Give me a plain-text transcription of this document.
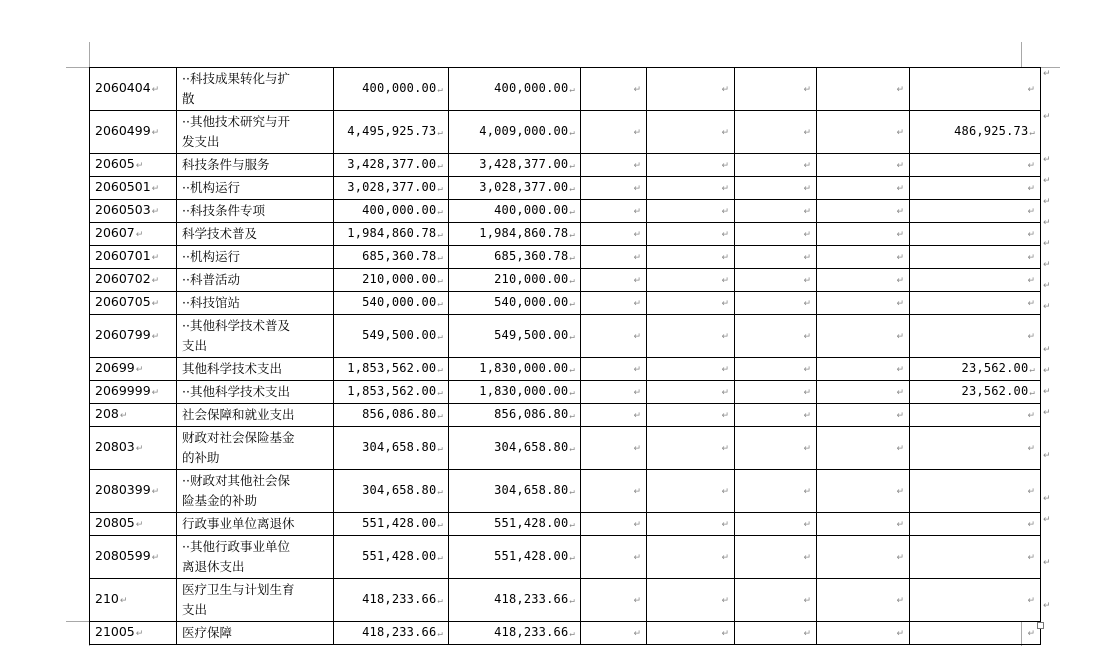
2060404↵	··科技成果转化与扩
散	400,000.00↵	400,000.00↵	↵	↵	↵	↵	↵
2060499↵	··其他技术研究与开
发支出	4,495,925.73↵	4,009,000.00↵	↵	↵	↵	↵	486,925.73↵
20605↵	科技条件与服务	3,428,377.00↵	3,428,377.00↵	↵	↵	↵	↵	↵
2060501↵	··机构运行	3,028,377.00↵	3,028,377.00↵	↵	↵	↵	↵	↵
2060503↵	··科技条件专项	400,000.00↵	400,000.00↵	↵	↵	↵	↵	↵
20607↵	科学技术普及	1,984,860.78↵	1,984,860.78↵	↵	↵	↵	↵	↵
2060701↵	··机构运行	685,360.78↵	685,360.78↵	↵	↵	↵	↵	↵
2060702↵	··科普活动	210,000.00↵	210,000.00↵	↵	↵	↵	↵	↵
2060705↵	··科技馆站	540,000.00↵	540,000.00↵	↵	↵	↵	↵	↵
2060799↵	··其他科学技术普及
支出	549,500.00↵	549,500.00↵	↵	↵	↵	↵	↵
20699↵	其他科学技术支出	1,853,562.00↵	1,830,000.00↵	↵	↵	↵	↵	23,562.00↵
2069999↵	··其他科学技术支出	1,853,562.00↵	1,830,000.00↵	↵	↵	↵	↵	23,562.00↵
208↵	社会保障和就业支出	856,086.80↵	856,086.80↵	↵	↵	↵	↵	↵
20803↵	财政对社会保险基金
的补助	304,658.80↵	304,658.80↵	↵	↵	↵	↵	↵
2080399↵	··财政对其他社会保
险基金的补助	304,658.80↵	304,658.80↵	↵	↵	↵	↵	↵
20805↵	行政事业单位离退休	551,428.00↵	551,428.00↵	↵	↵	↵	↵	↵
2080599↵	··其他行政事业单位
离退休支出	551,428.00↵	551,428.00↵	↵	↵	↵	↵	↵
210↵	医疗卫生与计划生育
支出	418,233.66↵	418,233.66↵	↵	↵	↵	↵	↵
21005↵	医疗保障	418,233.66↵	418,233.66↵	↵	↵	↵	↵	↵
↵
↵
↵
↵
↵
↵
↵
↵
↵
↵
↵
↵
↵
↵
↵
↵
↵
↵
↵
